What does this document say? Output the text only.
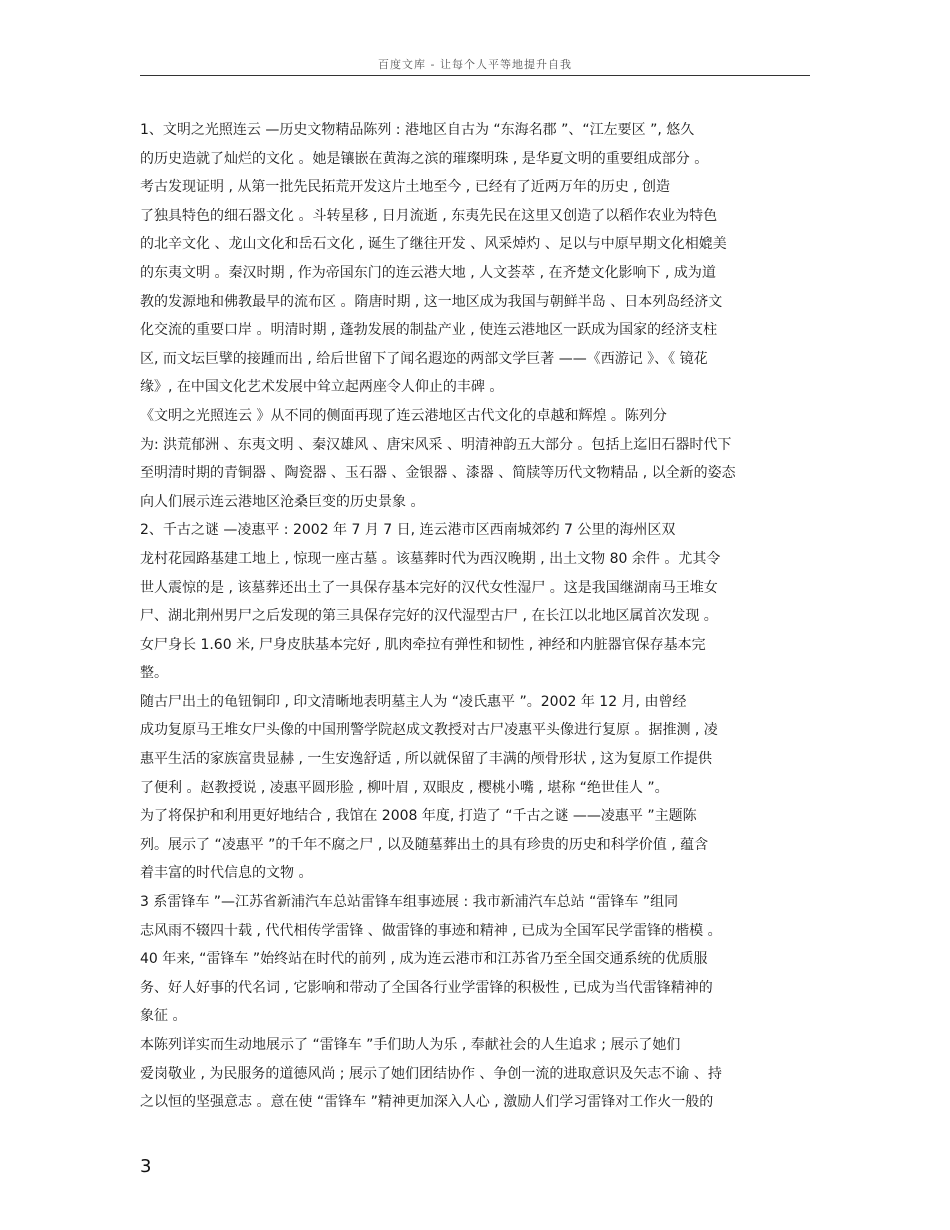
百度文库 - 让每个人平等地提升自我
1、文明之光照连云 —历史文物精品陈列 : 港地区自古为 “东海名郡 ”、“江左要区 ”, 悠久
的历史造就了灿烂的文化 。她是镶嵌在黄海之滨的璀璨明珠 , 是华夏文明的重要组成部分 。
考古发现证明 , 从第一批先民拓荒开发这片土地至今 , 已经有了近两万年的历史 , 创造
了独具特色的细石器文化 。斗转星移 , 日月流逝 , 东夷先民在这里又创造了以稻作农业为特色
的北辛文化 、龙山文化和岳石文化 , 诞生了继往开发 、风采焯灼 、足以与中原早期文化相媲美
的东夷文明 。秦汉时期 , 作为帝国东门的连云港大地 , 人文荟萃 , 在齐楚文化影响下 , 成为道
教的发源地和佛教最早的流布区 。隋唐时期 , 这一地区成为我国与朝鲜半岛 、日本列岛经济文
化交流的重要口岸 。明清时期 , 蓬勃发展的制盐产业 , 使连云港地区一跃成为国家的经济支柱
区, 而文坛巨擘的接踵而出 , 给后世留下了闻名遐迩的两部文学巨著 ——《西游记 》、《 镜花
缘》, 在中国文化艺术发展中耸立起两座令人仰止的丰碑 。
《文明之光照连云 》从不同的侧面再现了连云港地区古代文化的卓越和辉煌 。陈列分
为: 洪荒郁洲 、东夷文明 、秦汉雄风 、唐宋风采 、明清神韵五大部分 。包括上迄旧石器时代下
至明清时期的青铜器 、陶瓷器 、玉石器 、金银器 、漆器 、简牍等历代文物精品 , 以全新的姿态
向人们展示连云港地区沧桑巨变的历史景象 。
2、千古之谜 —凌惠平 : 2002 年 7 月 7 日, 连云港市区西南城郊约 7 公里的海州区双
龙村花园路基建工地上 , 惊现一座古墓 。该墓葬时代为西汉晚期 , 出土文物 80 余件 。尤其令
世人震惊的是 , 该墓葬还出土了一具保存基本完好的汉代女性湿尸 。这是我国继湖南马王堆女
尸、湖北荆州男尸之后发现的第三具保存完好的汉代湿型古尸 , 在长江以北地区属首次发现 。
女尸身长 1.60 米, 尸身皮肤基本完好 , 肌肉牵拉有弹性和韧性 , 神经和内脏器官保存基本完
整。
随古尸出土的龟钮铜印 , 印文清晰地表明墓主人为 “凌氏惠平 ”。2002 年 12 月, 由曾经
成功复原马王堆女尸头像的中国刑警学院赵成文教授对古尸凌惠平头像进行复原 。据推测 , 凌
惠平生活的家族富贵显赫 , 一生安逸舒适 , 所以就保留了丰满的颅骨形状 , 这为复原工作提供
了便利 。赵教授说 , 凌惠平圆形脸 , 柳叶眉 , 双眼皮 , 樱桃小嘴 , 堪称 “绝世佳人 ”。
为了将保护和利用更好地结合 , 我馆在 2008 年度, 打造了 “千古之谜 ——凌惠平 ”主题陈
列。展示了 “凌惠平 ”的千年不腐之尸 , 以及随墓葬出土的具有珍贵的历史和科学价值 , 蕴含
着丰富的时代信息的文物 。
3 系雷锋车 ”—江苏省新浦汽车总站雷锋车组事迹展 : 我市新浦汽车总站 “雷锋车 ”组同
志风雨不辍四十载 , 代代相传学雷锋 、做雷锋的事迹和精神 , 已成为全国军民学雷锋的楷模 。
40 年来, “雷锋车 ”始终站在时代的前列 , 成为连云港市和江苏省乃至全国交通系统的优质服
务、好人好事的代名词 , 它影响和带动了全国各行业学雷锋的积极性 , 已成为当代雷锋精神的
象征 。
本陈列详实而生动地展示了 “雷锋车 ”手们助人为乐 , 奉献社会的人生追求 ; 展示了她们
爱岗敬业 , 为民服务的道德风尚 ; 展示了她们团结协作 、争创一流的进取意识及矢志不谕 、持
之以恒的坚强意志 。意在使 “雷锋车 ”精神更加深入人心 , 激励人们学习雷锋对工作火一般的
3
